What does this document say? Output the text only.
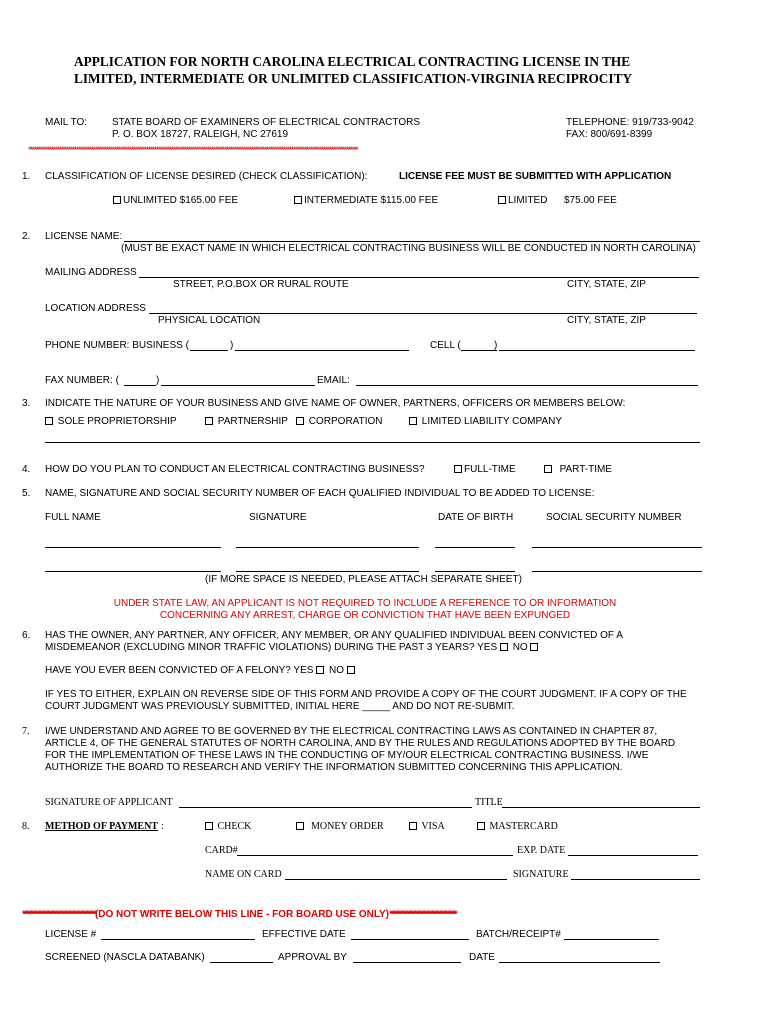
APPLICATION FOR NORTH CAROLINA ELECTRICAL CONTRACTING LICENSE IN THE
LIMITED, INTERMEDIATE OR UNLIMITED CLASSIFICATION-VIRGINIA RECIPROCITY
MAIL TO: STATE BOARD OF EXAMINERS OF ELECTRICAL CONTRACTORS
P. O. BOX 18727, RALEIGH, NC 27619
TELEPHONE: 919/733-9042
FAX: 800/691-8399
*****************************************************************************************************************************************************************************
1. CLASSIFICATION OF LICENSE DESIRED (CHECK CLASSIFICATION):	LICENSE FEE MUST BE SUBMITTED WITH APPLICATION
UNLIMITED $165.00 FEE	INTERMEDIATE $115.00 FEE	LIMITED $75.00 FEE
2. LICENSE NAME:
(MUST BE EXACT NAME IN WHICH ELECTRICAL CONTRACTING BUSINESS WILL BE CONDUCTED IN NORTH CAROLINA)
MAILING ADDRESS
STREET, P.O.BOX OR RURAL ROUTE	CITY, STATE, ZIP
LOCATION ADDRESS
PHYSICAL LOCATION	CITY, STATE, ZIP
PHONE NUMBER: BUSINESS (	)	CELL (	)
FAX NUMBER: (	)	EMAIL:
3. INDICATE THE NATURE OF YOUR BUSINESS AND GIVE NAME OF OWNER, PARTNERS, OFFICERS OR MEMBERS BELOW:
SOLE PROPRIETORSHIP	PARTNERSHIP	CORPORATION	LIMITED LIABILITY COMPANY
4. HOW DO YOU PLAN TO CONDUCT AN ELECTRICAL CONTRACTING BUSINESS?	FULL-TIME	PART-TIME
5. NAME, SIGNATURE AND SOCIAL SECURITY NUMBER OF EACH QUALIFIED INDIVIDUAL TO BE ADDED TO LICENSE:
FULL NAME	SIGNATURE	DATE OF BIRTH	SOCIAL SECURITY NUMBER
(IF MORE SPACE IS NEEDED, PLEASE ATTACH SEPARATE SHEET)
UNDER STATE LAW, AN APPLICANT IS NOT REQUIRED TO INCLUDE A REFERENCE TO OR INFORMATION
CONCERNING ANY ARREST, CHARGE OR CONVICTION THAT HAVE BEEN EXPUNGED
6. HAS THE OWNER, ANY PARTNER, ANY OFFICER, ANY MEMBER, OR ANY QUALIFIED INDIVIDUAL BEEN CONVICTED OF A
MISDEMEANOR (EXCLUDING MINOR TRAFFIC VIOLATIONS) DURING THE PAST 3 YEARS? YES NO
HAVE YOU EVER BEEN CONVICTED OF A FELONY? YES NO
IF YES TO EITHER, EXPLAIN ON REVERSE SIDE OF THIS FORM AND PROVIDE A COPY OF THE COURT JUDGMENT. IF A COPY OF THE
COURT JUDGMENT WAS PREVIOUSLY SUBMITTED, INITIAL HERE _____ AND DO NOT RE-SUBMIT.
7. I/WE UNDERSTAND AND AGREE TO BE GOVERNED BY THE ELECTRICAL CONTRACTING LAWS AS CONTAINED IN CHAPTER 87,
ARTICLE 4, OF THE GENERAL STATUTES OF NORTH CAROLINA, AND BY THE RULES AND REGULATIONS ADOPTED BY THE BOARD
FOR THE IMPLEMENTATION OF THESE LAWS IN THE CONDUCTING OF MY/OUR ELECTRICAL CONTRACTING BUSINESS. I/WE
AUTHORIZE THE BOARD TO RESEARCH AND VERIFY THE INFORMATION SUBMITTED CONCERNING THIS APPLICATION.
SIGNATURE OF APPLICANT	TITLE
8. METHOD OF PAYMENT :	CHECK	MONEY ORDER	VISA	MASTERCARD
CARD#	EXP. DATE
NAME ON CARD	SIGNATURE
********************************************************(DO NOT WRITE BELOW THIS LINE - FOR BOARD USE ONLY)***************************************************
LICENSE #	EFFECTIVE DATE	BATCH/RECEIPT#
SCREENED (NASCLA DATABANK)	APPROVAL BY	DATE
